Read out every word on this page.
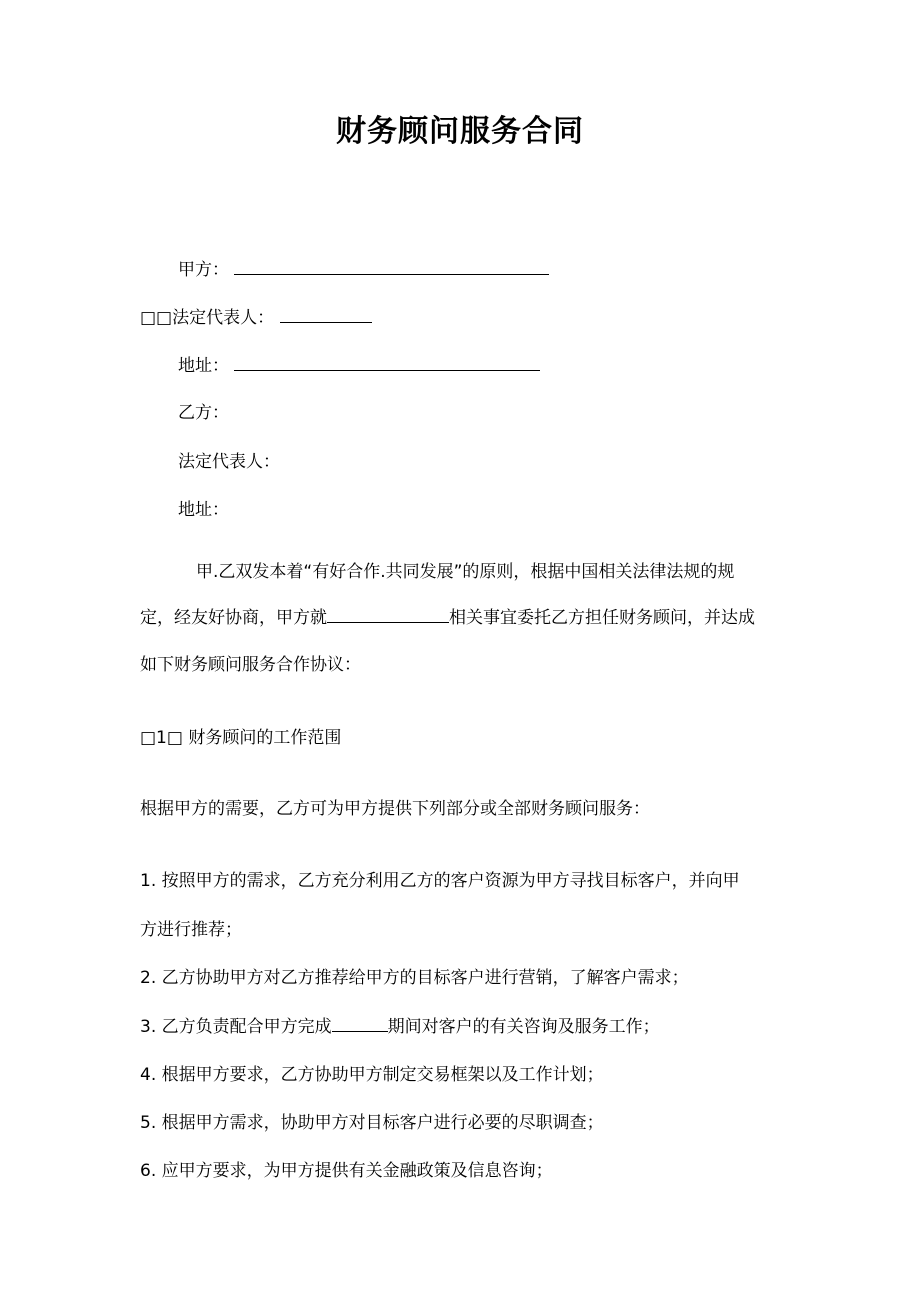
财务顾问服务合同
甲方：
□□法定代表人：
地址：
乙方：
法定代表人：
地址：
甲.乙双发本着“有好合作.共同发展”的原则，根据中国相关法律法规的规
定，经友好协商，甲方就	相关事宜委托乙方担任财务顾问，并达成
如下财务顾问服务合作协议：
□1□ 财务顾问的工作范围
根据甲方的需要，乙方可为甲方提供下列部分或全部财务顾问服务：
1. 按照甲方的需求，乙方充分利用乙方的客户资源为甲方寻找目标客户，并向甲
方进行推荐；
2. 乙方协助甲方对乙方推荐给甲方的目标客户进行营销，了解客户需求；
3. 乙方负责配合甲方完成	期间对客户的有关咨询及服务工作；
4. 根据甲方要求，乙方协助甲方制定交易框架以及工作计划；
5. 根据甲方需求，协助甲方对目标客户进行必要的尽职调查；
6. 应甲方要求，为甲方提供有关金融政策及信息咨询；
